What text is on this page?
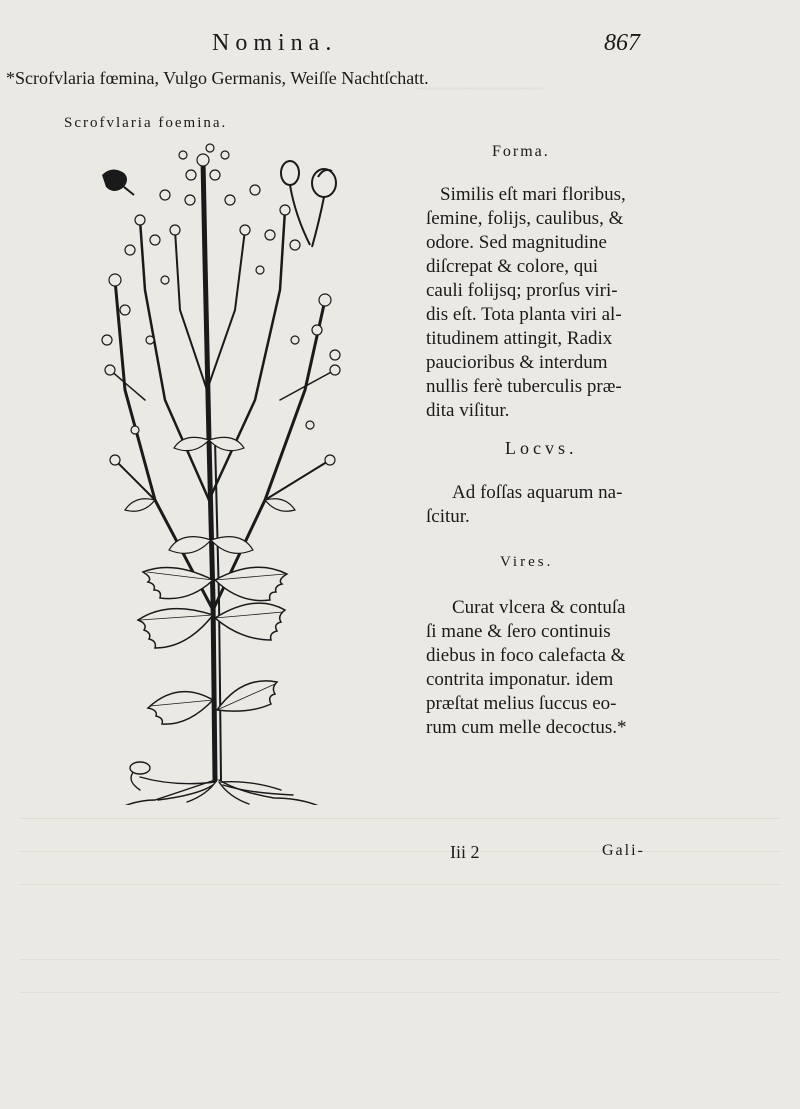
~~~~~~~~~~~~~~~~~

Nomina.	867
*Scrofvlaria fœmina, Vulgo Germanis, Weiſſe Nachtſchatt.
Scrofvlaria foemina.
Forma.

Similis eſt mari floribus,

ſemine, folijs, caulibus, &

odore. Sed magnitudine

diſcrepat & colore, qui

cauli folijsq; prorſus viri-

dis eſt. Tota planta viri al-

titudinem attingit, Radix

paucioribus & interdum

nullis ferè tuberculis præ-

dita viſitur.

Locvs.

Ad foſſas aquarum na-

ſcitur.

Vires.

Curat vlcera & contuſa

ſi mane & ſero continuis

diebus in foco calefacta &

contrita imponatur. idem

præſtat melius ſuccus eo-

rum cum melle decoctus.*

Iii 2	Gali-
